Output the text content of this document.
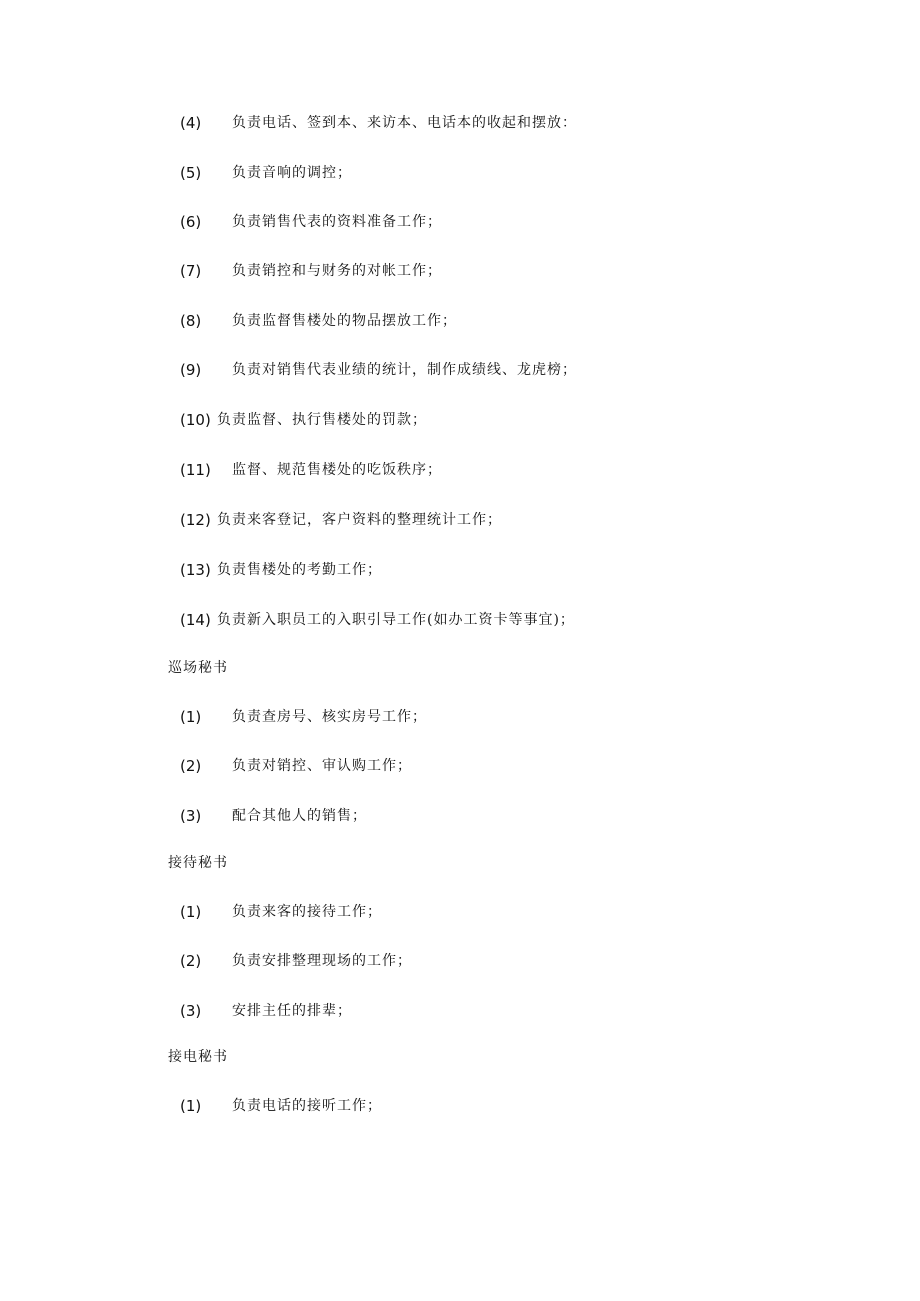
(4) 负责电话、签到本、来访本、电话本的收起和摆放：
(5) 负责音响的调控；
(6) 负责销售代表的资料准备工作；
(7) 负责销控和与财务的对帐工作；
(8) 负责监督售楼处的物品摆放工作；
(9) 负责对销售代表业绩的统计，制作成绩线、龙虎榜；
(10) 负责监督、执行售楼处的罚款；
(11) 监督、规范售楼处的吃饭秩序；
(12) 负责来客登记，客户资料的整理统计工作；
(13) 负责售楼处的考勤工作；
(14) 负责新入职员工的入职引导工作(如办工资卡等事宜)；
巡场秘书
(1) 负责查房号、核实房号工作；
(2) 负责对销控、审认购工作；
(3) 配合其他人的销售；
接待秘书
(1) 负责来客的接待工作；
(2) 负责安排整理现场的工作；
(3) 安排主任的排辈；
接电秘书
(1) 负责电话的接听工作；
